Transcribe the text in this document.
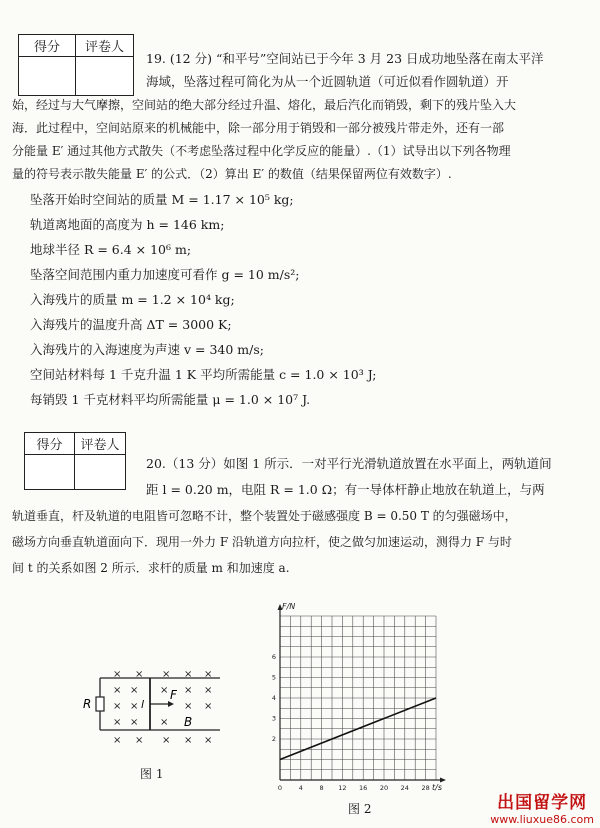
得分	评卷人
19. (12 分) “和平号”空间站已于今年 3 月 23 日成功地坠落在南太平洋
海域，坠落过程可简化为从一个近圆轨道（可近似看作圆轨道）开
始，经过与大气摩擦，空间站的绝大部分经过升温、熔化，最后汽化而销毁，剩下的残片坠入大
海．此过程中，空间站原来的机械能中，除一部分用于销毁和一部分被残片带走外，还有一部
分能量 E′ 通过其他方式散失（不考虑坠落过程中化学反应的能量）.（1）试导出以下列各物理
量的符号表示散失能量 E′ 的公式．（2）算出 E′ 的数值（结果保留两位有效数字）.
坠落开始时空间站的质量 M = 1.17 × 10⁵ kg;
轨道离地面的高度为 h = 146 km;
地球半径 R = 6.4 × 10⁶ m;
坠落空间范围内重力加速度可看作 g = 10 m/s²;
入海残片的质量 m = 1.2 × 10⁴ kg;
入海残片的温度升高 ΔT = 3000 K;
入海残片的入海速度为声速 v = 340 m/s;
空间站材料每 1 千克升温 1 K 平均所需能量 c = 1.0 × 10³ J;
每销毁 1 千克材料平均所需能量 μ = 1.0 × 10⁷ J.
得分	评卷人
20.（13 分）如图 1 所示．一对平行光滑轨道放置在水平面上，两轨道间
距 l = 0.20 m，电阻 R = 1.0 Ω；有一导体杆静止地放在轨道上，与两
轨道垂直，杆及轨道的电阻皆可忽略不计，整个装置处于磁感强度 B = 0.50 T 的匀强磁场中，
磁场方向垂直轨道面向下．现用一外力 F 沿轨道方向拉杆，使之做匀加速运动，测得力 F 与时
间 t 的关系如图 2 所示．求杆的质量 m 和加速度 a.
R	l
F
B
× × × × ×
× × × × ×
× ×	× ×
× × ×
× × × × ×
图 1
0	4	8 12 16 20 24 28
2
3
4
5
6
F/N
t/s
图 2	出国留学网
www.liuxue86.com
